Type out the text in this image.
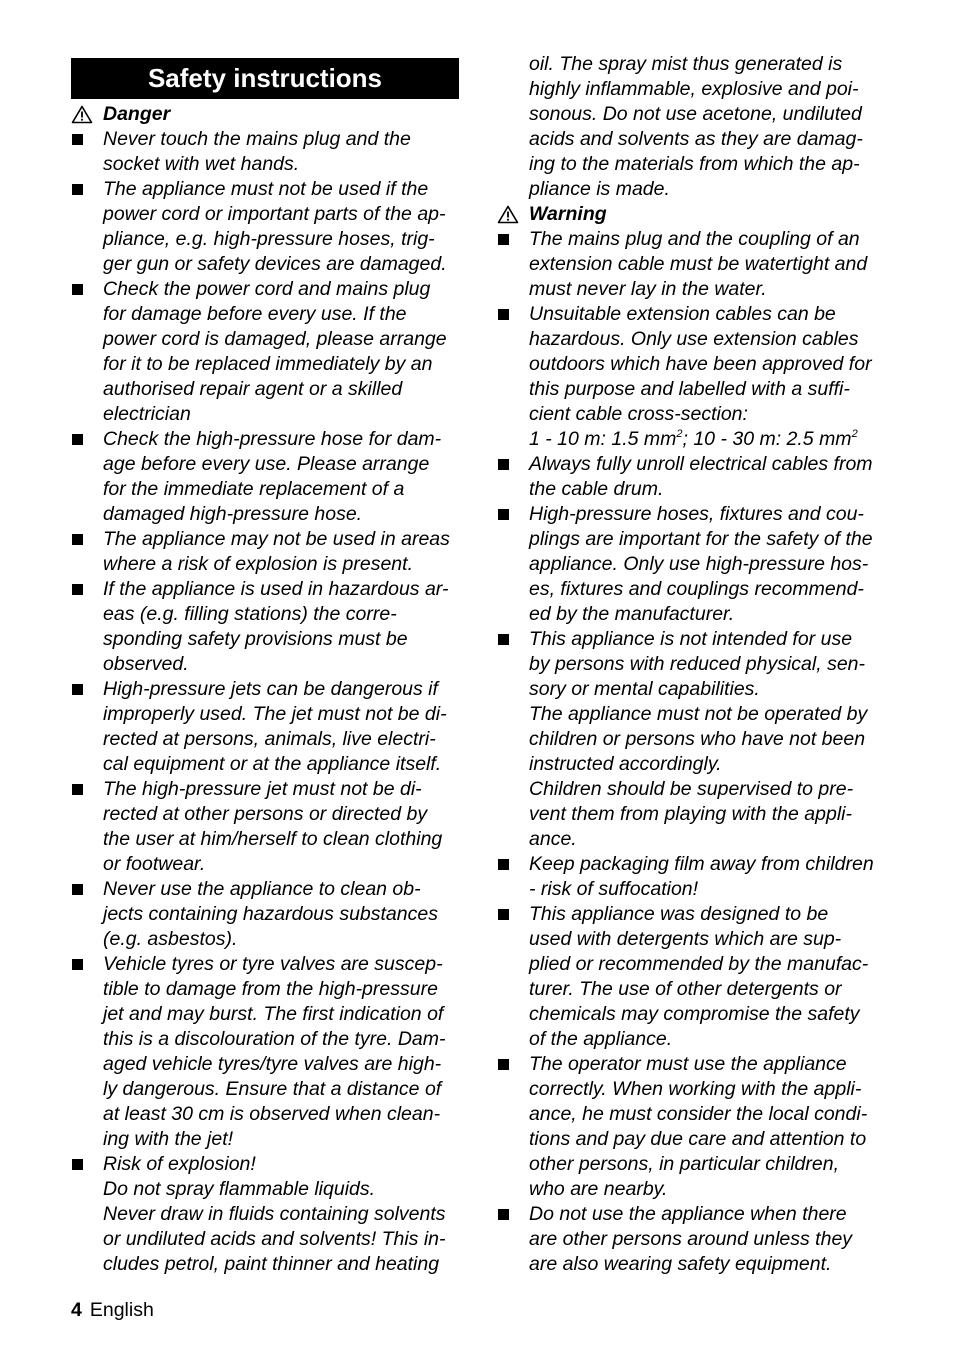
Safety instructions
Danger
Never touch the mains plug and the
socket with wet hands.
The appliance must not be used if the
power cord or important parts of the ap-
pliance, e.g. high-pressure hoses, trig-
ger gun or safety devices are damaged.
Check the power cord and mains plug
for damage before every use. If the
power cord is damaged, please arrange
for it to be replaced immediately by an
authorised repair agent or a skilled
electrician
Check the high-pressure hose for dam-
age before every use. Please arrange
for the immediate replacement of a
damaged high-pressure hose.
The appliance may not be used in areas
where a risk of explosion is present.
If the appliance is used in hazardous ar-
eas (e.g. filling stations) the corre-
sponding safety provisions must be
observed.
High-pressure jets can be dangerous if
improperly used. The jet must not be di-
rected at persons, animals, live electri-
cal equipment or at the appliance itself.
The high-pressure jet must not be di-
rected at other persons or directed by
the user at him/herself to clean clothing
or footwear.
Never use the appliance to clean ob-
jects containing hazardous substances
(e.g. asbestos).
Vehicle tyres or tyre valves are suscep-
tible to damage from the high-pressure
jet and may burst. The first indication of
this is a discolouration of the tyre. Dam-
aged vehicle tyres/tyre valves are high-
ly dangerous. Ensure that a distance of
at least 30 cm is observed when clean-
ing with the jet!
Risk of explosion!
Do not spray flammable liquids.
Never draw in fluids containing solvents
or undiluted acids and solvents! This in-
cludes petrol, paint thinner and heating
oil. The spray mist thus generated is
highly inflammable, explosive and poi-
sonous. Do not use acetone, undiluted
acids and solvents as they are damag-
ing to the materials from which the ap-
pliance is made.
Warning
The mains plug and the coupling of an
extension cable must be watertight and
must never lay in the water.
Unsuitable extension cables can be
hazardous. Only use extension cables
outdoors which have been approved for
this purpose and labelled with a suffi-
cient cable cross-section:
1 - 10 m: 1.5 $mm^2$; 10 - 30 m: 2.5 $mm^2$
Always fully unroll electrical cables from
the cable drum.
High-pressure hoses, fixtures and cou-
plings are important for the safety of the
appliance. Only use high-pressure hos-
es, fixtures and couplings recommend-
ed by the manufacturer.
This appliance is not intended for use
by persons with reduced physical, sen-
sory or mental capabilities.
The appliance must not be operated by
children or persons who have not been
instructed accordingly.
Children should be supervised to pre-
vent them from playing with the appli-
ance.
Keep packaging film away from children
- risk of suffocation!
This appliance was designed to be
used with detergents which are sup-
plied or recommended by the manufac-
turer. The use of other detergents or
chemicals may compromise the safety
of the appliance.
The operator must use the appliance
correctly. When working with the appli-
ance, he must consider the local condi-
tions and pay due care and attention to
other persons, in particular children,
who are nearby.
Do not use the appliance when there
are other persons around unless they
are also wearing safety equipment.
4 English
